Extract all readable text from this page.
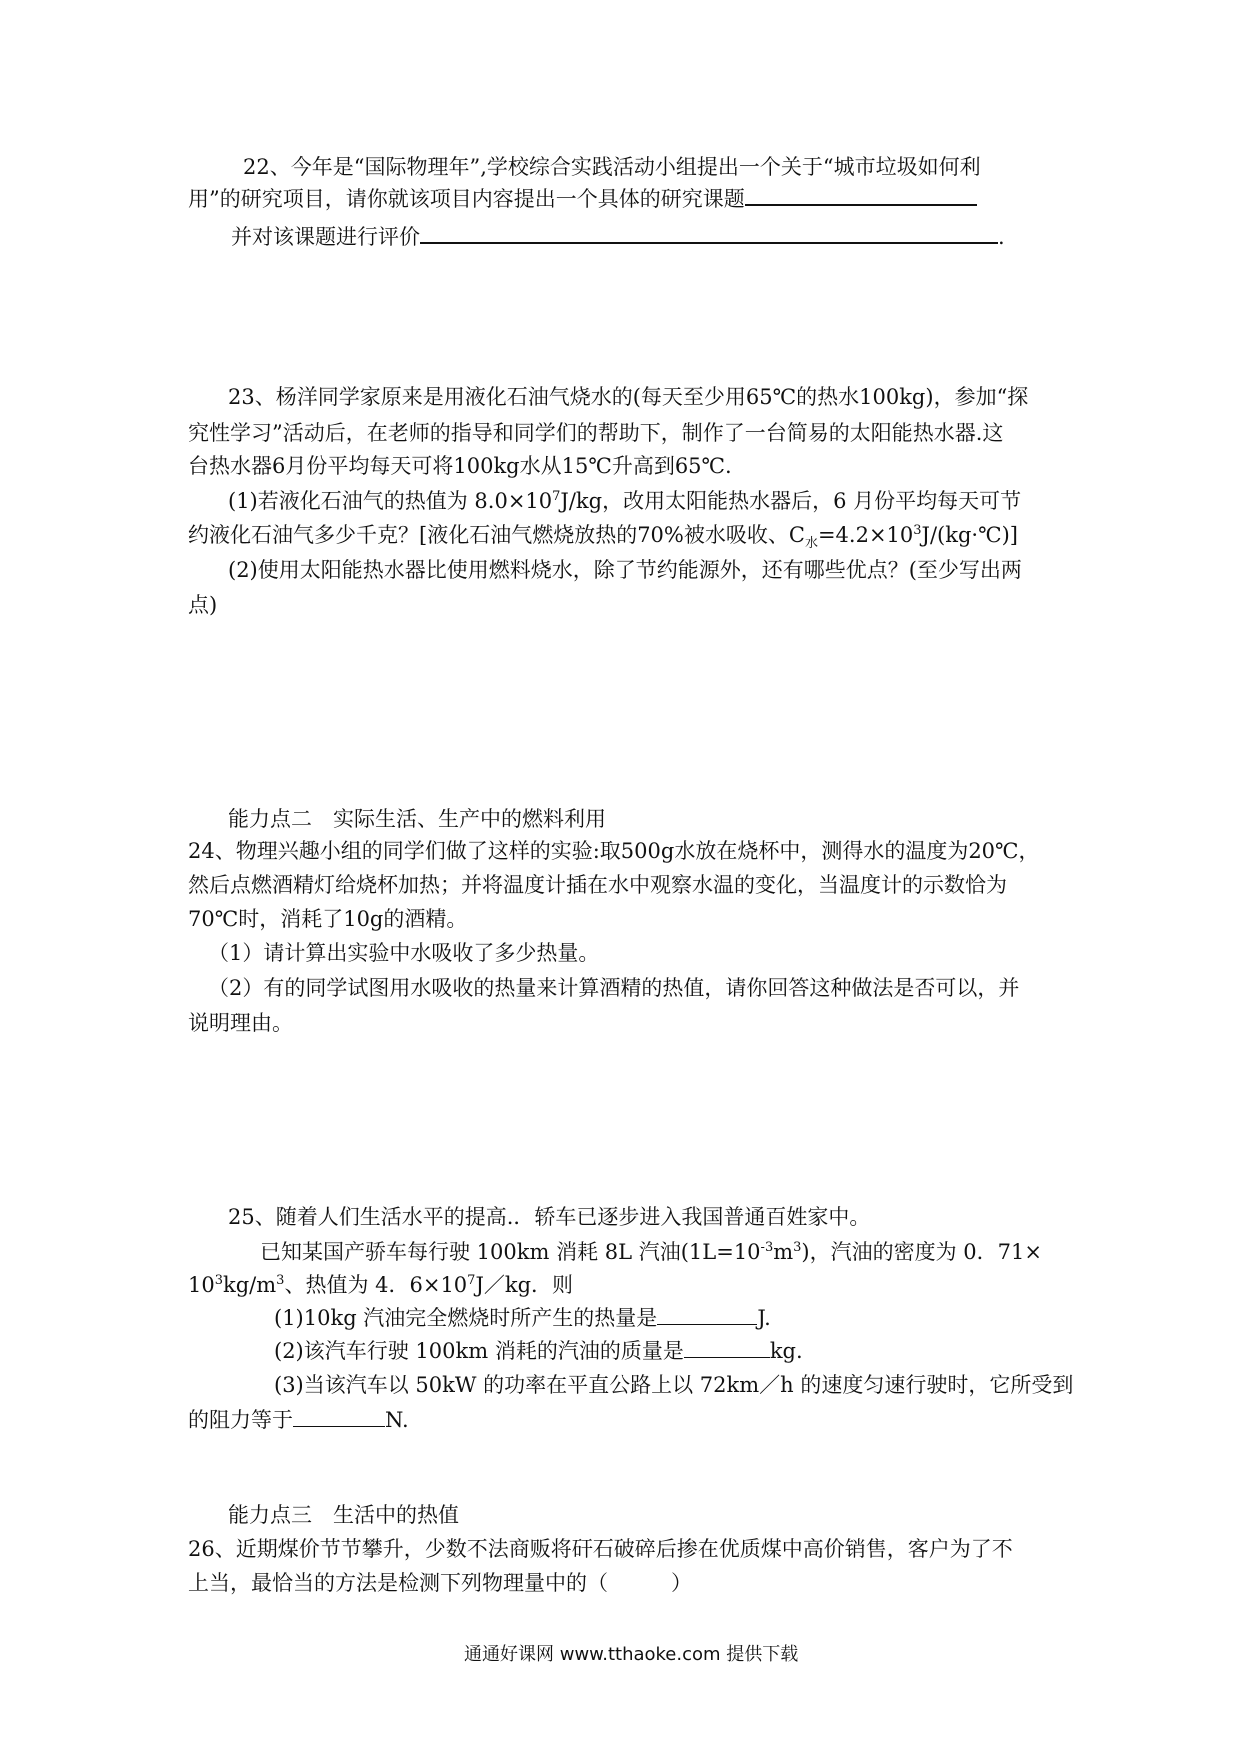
22、今年是“国际物理年”,学校综合实践活动小组提出一个关于“城市垃圾如何利
用”的研究项目，请你就该项目内容提出一个具体的研究课题
并对该课题进行评价	.
23、杨洋同学家原来是用液化石油气烧水的(每天至少用65℃的热水100kg)，参加“探
究性学习”活动后，在老师的指导和同学们的帮助下，制作了一台简易的太阳能热水器.这
台热水器6月份平均每天可将100kg水从15℃升高到65℃.
(1)若液化石油气的热值为 $8.0\times 10^7J/kg$，改用太阳能热水器后，6 月份平均每天可节
约液化石油气多少千克？[液化石油气燃烧放热的70%被水吸收、$C_水=4.2\times 10^3J/(kg\cdot℃)$]
(2)使用太阳能热水器比使用燃料烧水，除了节约能源外，还有哪些优点？(至少写出两
点)
能力点二　实际生活、生产中的燃料利用
24、物理兴趣小组的同学们做了这样的实验:取500g水放在烧杯中，测得水的温度为20℃，
然后点燃酒精灯给烧杯加热；并将温度计插在水中观察水温的变化，当温度计的示数恰为
70℃时，消耗了10g的酒精。
（1）请计算出实验中水吸收了多少热量。
（2）有的同学试图用水吸收的热量来计算酒精的热值，请你回答这种做法是否可以，并
说明理由。
25、随着人们生活水平的提高.．轿车已逐步进入我国普通百姓家中。
已知某国产骄车每行驶 100km 消耗 8L 汽油$(1L=10^{-3}m^3)$，汽油的密度为 0．71×
$10^3kg/m^3$、热值为 4．$6\times 10^7J/kg$．则
(1)10kg 汽油完全燃烧时所产生的热量是	J.
(2)该汽车行驶 100km 消耗的汽油的质量是	kg.
(3)当该汽车以 50kW 的功率在平直公路上以 72km／h 的速度匀速行驶时，它所受到
的阻力等于	N.
能力点三　生活中的热值
26、近期煤价节节攀升，少数不法商贩将矸石破碎后掺在优质煤中高价销售，客户为了不
上当，最恰当的方法是检测下列物理量中的（　　　）
通通好课网 www.tthaoke.com 提供下载
